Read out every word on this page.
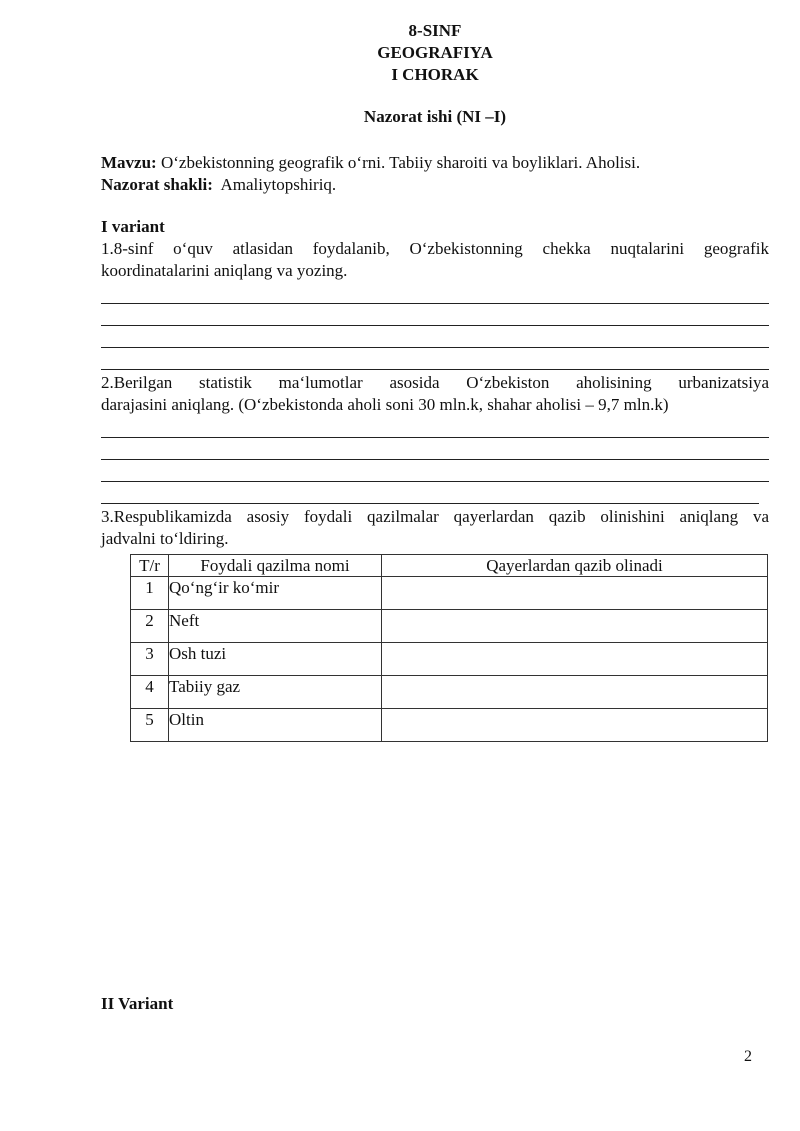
8-SINF
GEOGRAFIYA
I CHORAK
Nazorat ishi (NI –I)
Mavzu: O‘zbekistonning geografik o‘rni. Tabiiy sharoiti va boyliklari. Aholisi.
Nazorat shakli: Amaliytopshiriq.
I variant
1.8-sinf o‘quv atlasidan foydalanib, O‘zbekistonning chekka nuqtalarini geografik
koordinatalarini aniqlang va yozing.
2.Berilgan statistik ma‘lumotlar asosida O‘zbekiston aholisining urbanizatsiya
darajasini aniqlang. (O‘zbekistonda aholi soni 30 mln.k, shahar aholisi – 9,7 mln.k)
3.Respublikamizda asosiy foydali qazilmalar qayerlardan qazib olinishini aniqlang va
jadvalni to‘ldiring.
T/r	Foydali qazilma nomi	Qayerlardan qazib olinadi
1	Qo‘ng‘ir ko‘mir	
2	Neft	
3	Osh tuzi	
4	Tabiiy gaz	
5	Oltin	
II Variant
2
